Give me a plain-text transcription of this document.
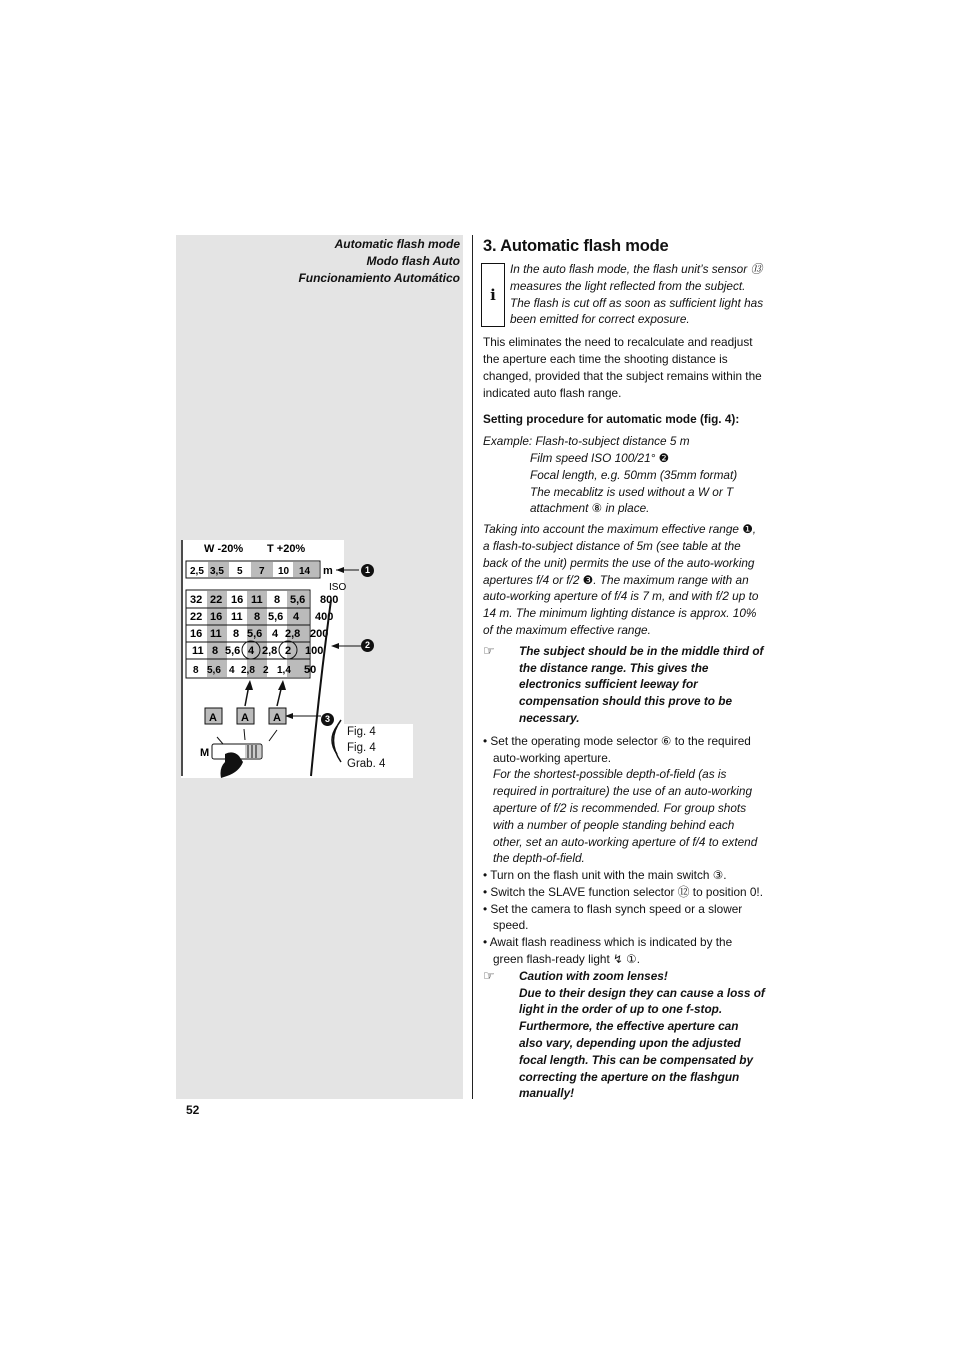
Automatic flash mode
Modo flash Auto
Funcionamiento Automático
W -20% T +20%
2,5 3,5 5 7 10 14 m
ISO
32 22 16 11 8 5,6 800
22 16 11 8 5,6 4 400
16 11 8 5,6 4 2,8 200
11 8 5,6 4 2,8 2 100
8 5,6 4 2,8 2 1,4 50
A A A
M
1
2
3
Fig. 4
Fig. 4
Grab. 4
52
3. Automatic flash mode
i
In the auto flash mode, the flash unit’s sensor ⑬ measures the light reflected from the subject. The flash is cut off as soon as sufficient light has been emitted for correct exposure.

This eliminates the need to recalculate and readjust the aperture each time the shooting distance is changed, provided that the subject remains within the indicated auto flash range.

Setting procedure for automatic mode (fig. 4):

Example: Flash-to-subject distance 5 m

Film speed ISO 100/21° ❷

Focal length, e.g. 50mm (35mm format)

The mecablitz is used without a W or T attachment ⑧ in place.

Taking into account the maximum effective range ❶, a flash-to-subject distance of 5m (see table at the back of the unit) permits the use of the auto-working apertures f/4 or f/2 ❸. The maximum range with an auto-working aperture of f/4 is 7 m, and with f/2 up to 14 m. The minimum lighting distance is approx. 10% of the maximum effective range.

☞	The subject should be in the middle third of the distance range. This gives the electronics sufficient leeway for compensation should this prove to be necessary.

• Set the operating mode selector ⑥ to the required auto-working aperture.

For the shortest-possible depth-of-field (as is required in portraiture) the use of an auto-working aperture of f/2 is recommended. For group shots with a number of people standing behind each other, set an auto-working aperture of f/4 to extend the depth-of-field.

• Turn on the flash unit with the main switch ③.

• Switch the SLAVE function selector ⑫ to position 0!.

• Set the camera to flash synch speed or a slower speed.

• Await flash readiness which is indicated by the green flash-ready light ↯ ①.

☞	Caution with zoom lenses!
Due to their design they can cause a loss of light in the order of up to one f-stop. Furthermore, the effective aperture can also vary, depending upon the adjusted focal length. This can be compensated by correcting the aperture on the flashgun manually!
